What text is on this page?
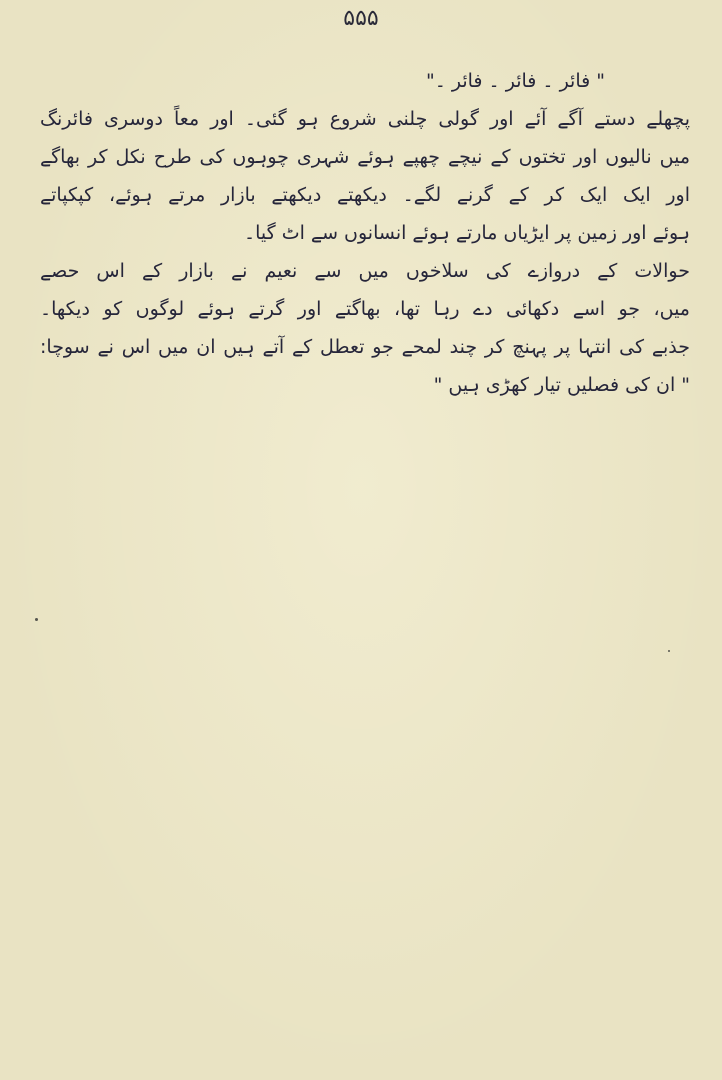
۵۵۵
" فائر ۔ فائر ۔ فائر ۔"
پچھلے دستے آگے آئے اور گولی چلنی شروع ہو گئی۔ اور معاً دوسری فائرنگ
میں نالیوں اور تختوں کے نیچے چھپے ہوئے شہری چوہوں کی طرح نکل کر بھاگے
اور ایک ایک کر کے گرنے لگے۔ دیکھتے دیکھتے بازار مرتے ہوئے، کپکپاتے
ہوئے اور زمین پر ایڑیاں مارتے ہوئے انسانوں سے اٹ گیا۔
حوالات کے دروازے کی سلاخوں میں سے نعیم نے بازار کے اس حصے
میں، جو اسے دکھائی دے رہا تھا، بھاگتے اور گرتے ہوئے لوگوں کو دیکھا۔
جذبے کی انتہا پر پہنچ کر چند لمحے جو تعطل کے آتے ہیں ان میں اس نے سوچا:
" ان کی فصلیں تیار کھڑی ہیں "
